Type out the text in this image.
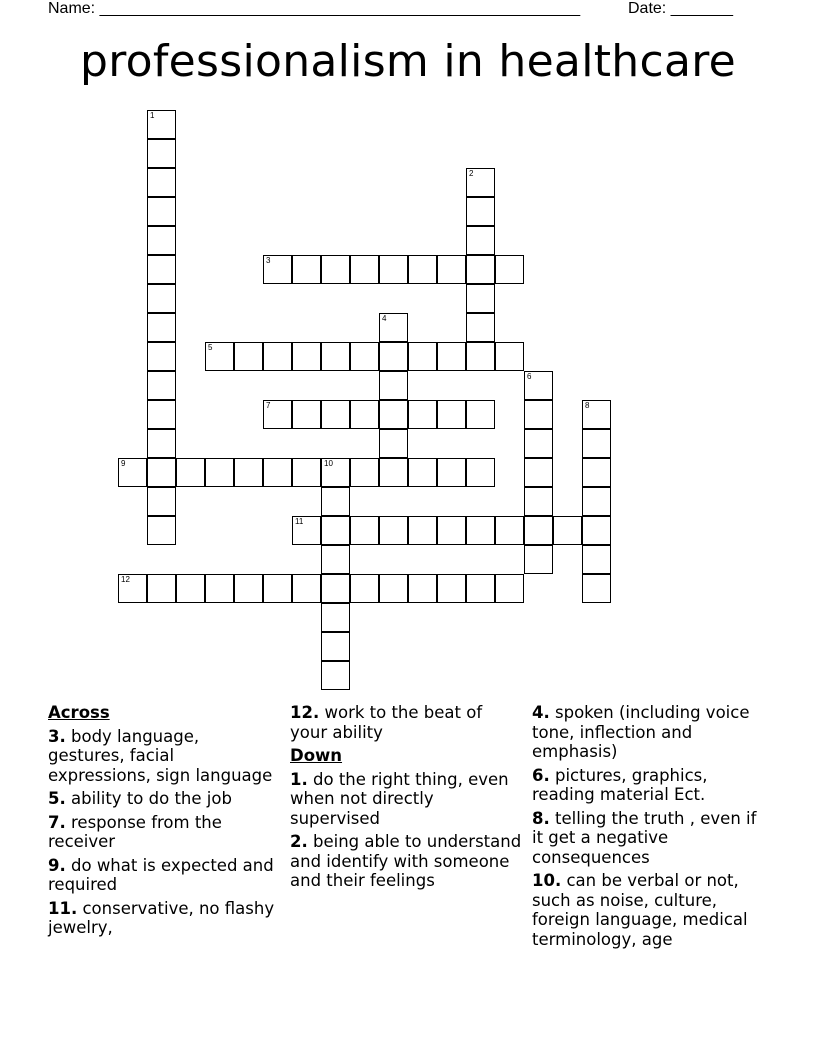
Name: ______________________________________________________	Date: _______
professionalism in healthcare
1
2
3
4
5
6
7	8
9	10
11
12
Across
3. body language, gestures, facial expressions, sign language
5. ability to do the job
7. response from the receiver
9. do what is expected and required
11. conservative, no flashy jewelry,
12. work to the beat of your ability
Down
1. do the right thing, even when not directly supervised
2. being able to understand and identify with someone and their feelings
4. spoken (including voice tone, inflection and emphasis)
6. pictures, graphics, reading material Ect.
8. telling the truth , even if it get a negative consequences
10. can be verbal or not, such as noise, culture, foreign language, medical terminology, age
